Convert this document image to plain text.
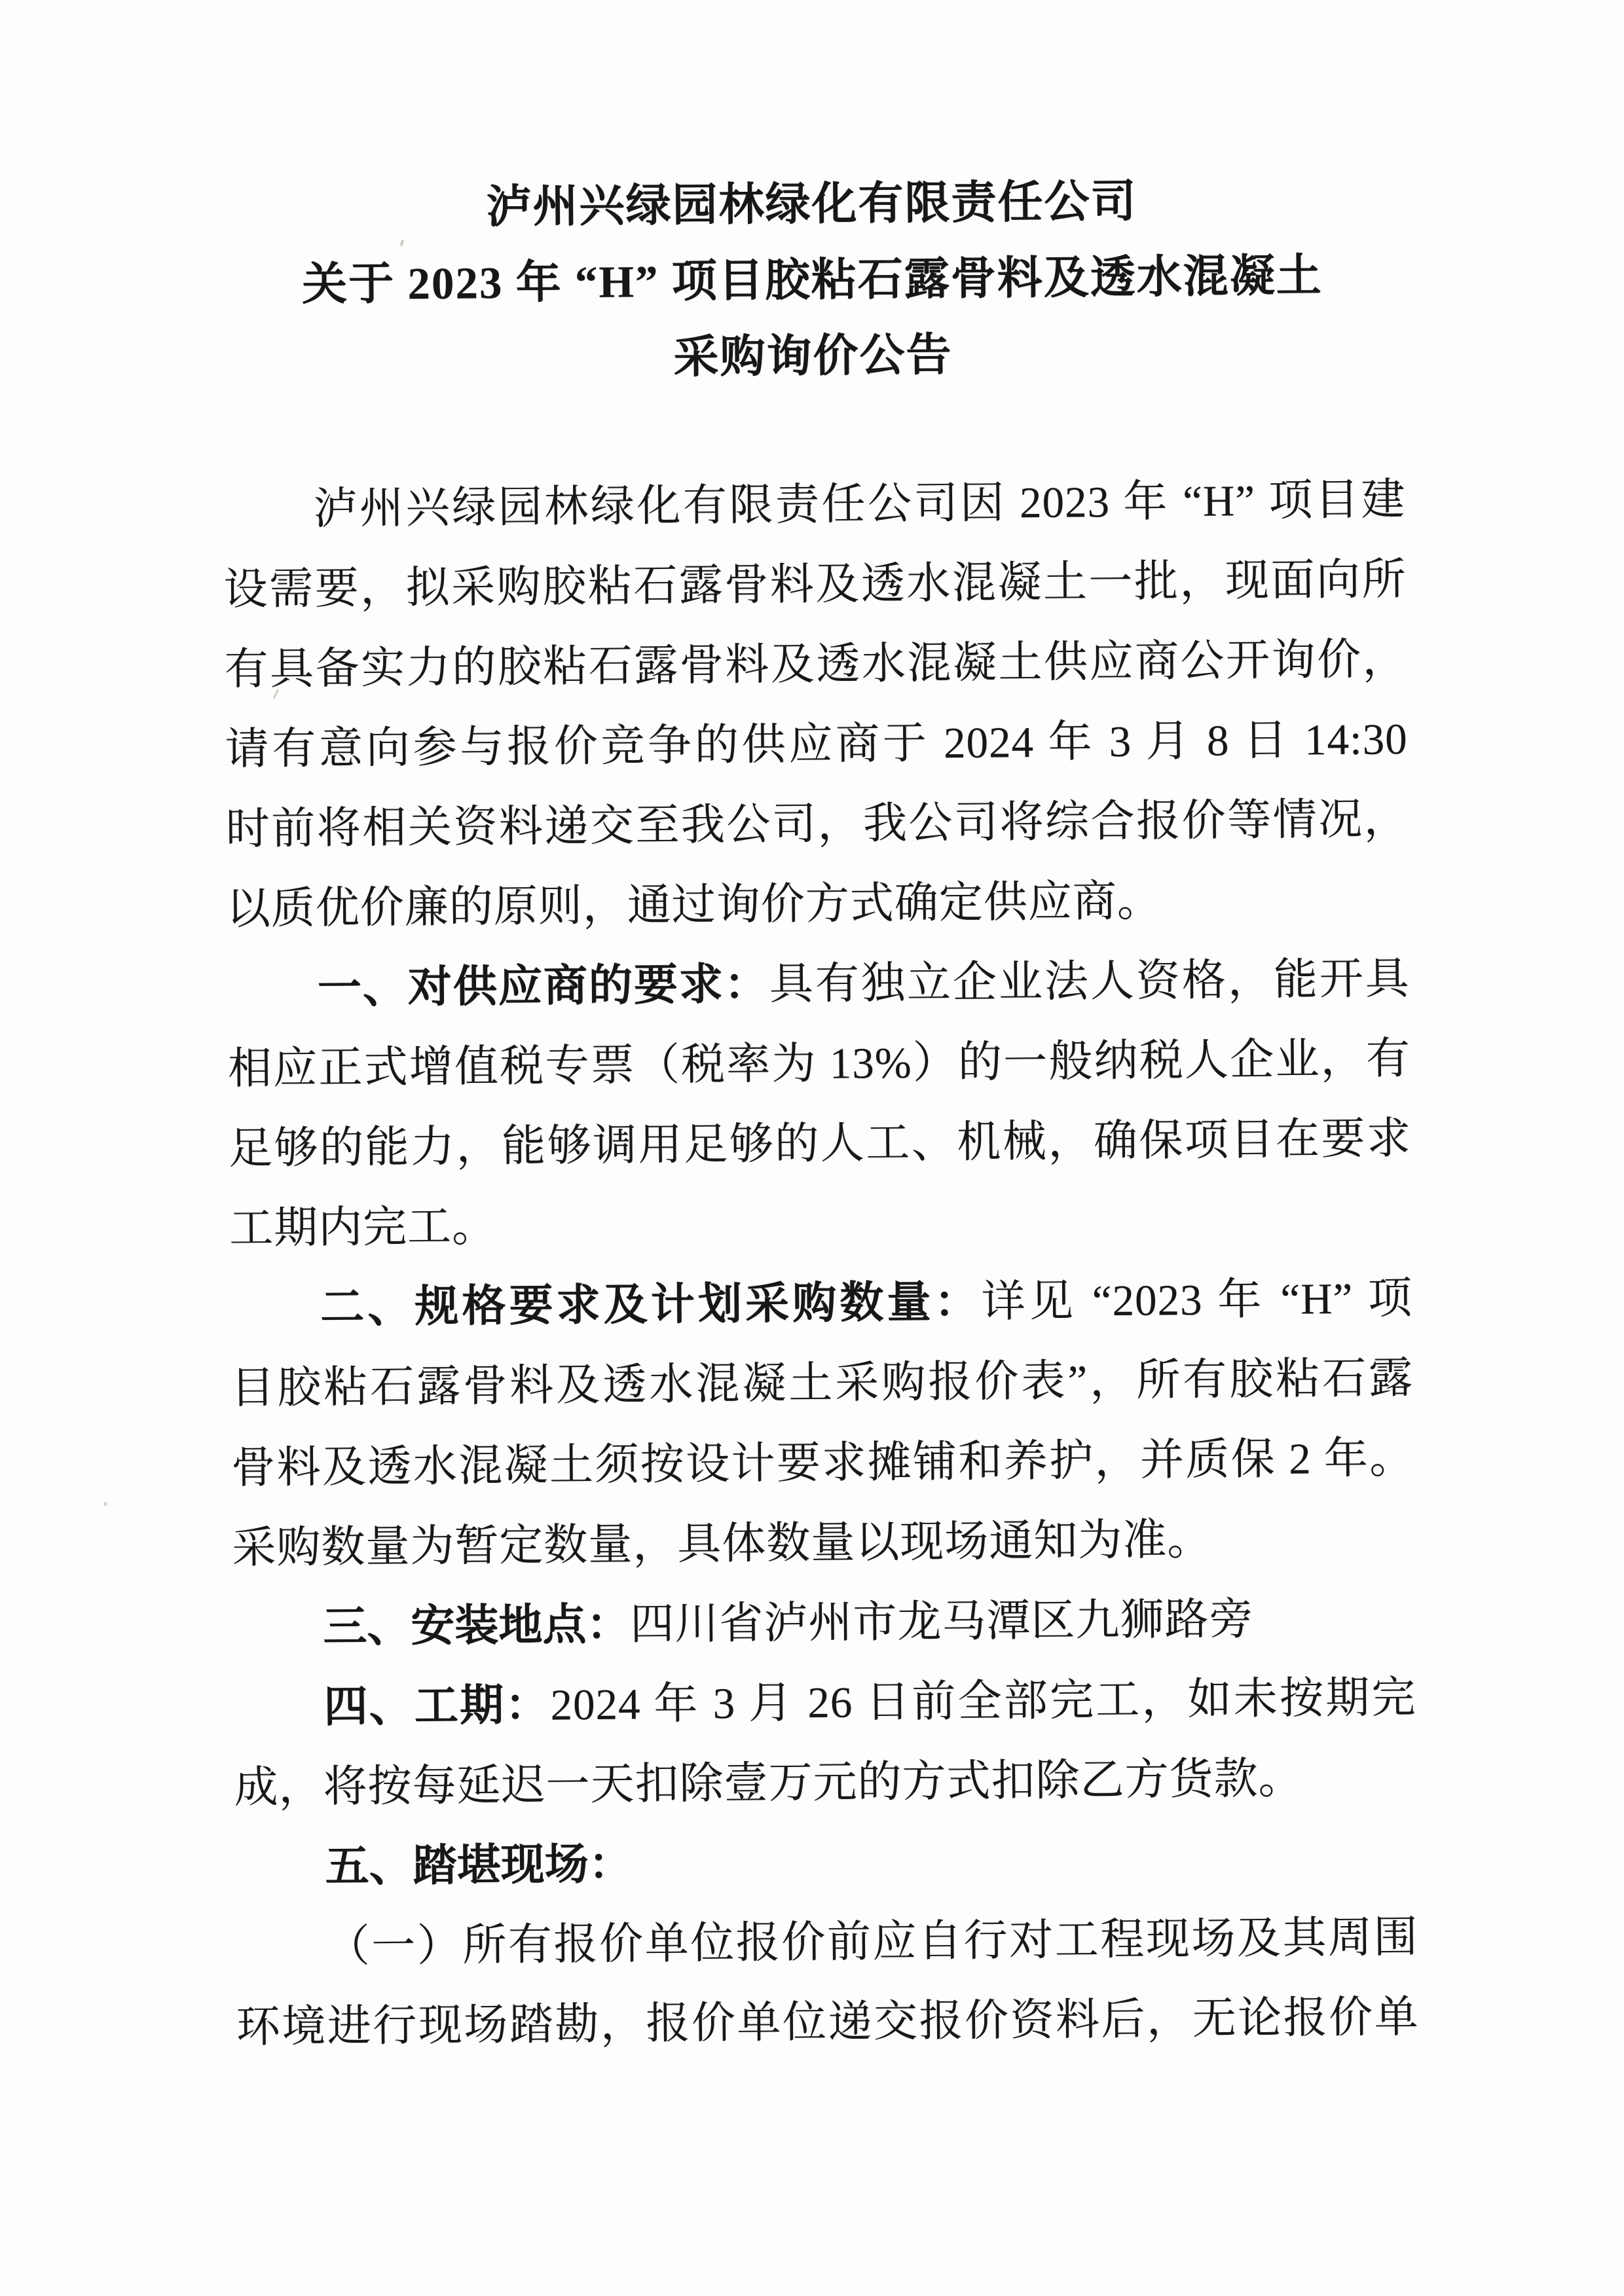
泸州兴绿园林绿化有限责任公司
关于 2023 年 “H” 项目胶粘石露骨料及透水混凝土
采购询价公告

泸州兴绿园林绿化有限责任公司因 2023 年 “H” 项目建

设需要，拟采购胶粘石露骨料及透水混凝土一批，现面向所

有具备实力的胶粘石露骨料及透水混凝土供应商公开询价，

请有意向参与报价竞争的供应商于 2024 年 3 月 8 日 14:30

时前将相关资料递交至我公司，我公司将综合报价等情况，

以质优价廉的原则，通过询价方式确定供应商。

一、对供应商的要求：具有独立企业法人资格，能开具

相应正式增值税专票（税率为 13%）的一般纳税人企业，有

足够的能力，能够调用足够的人工、机械，确保项目在要求

工期内完工。

二、规格要求及计划采购数量：详见 “2023 年 “H” 项

目胶粘石露骨料及透水混凝土采购报价表”，所有胶粘石露

骨料及透水混凝土须按设计要求摊铺和养护，并质保 2 年。

采购数量为暂定数量，具体数量以现场通知为准。

三、安装地点：四川省泸州市龙马潭区九狮路旁

四、工期：2024 年 3 月 26 日前全部完工，如未按期完

成，将按每延迟一天扣除壹万元的方式扣除乙方货款。

五、踏堪现场：

（一）所有报价单位报价前应自行对工程现场及其周围

环境进行现场踏勘，报价单位递交报价资料后，无论报价单
